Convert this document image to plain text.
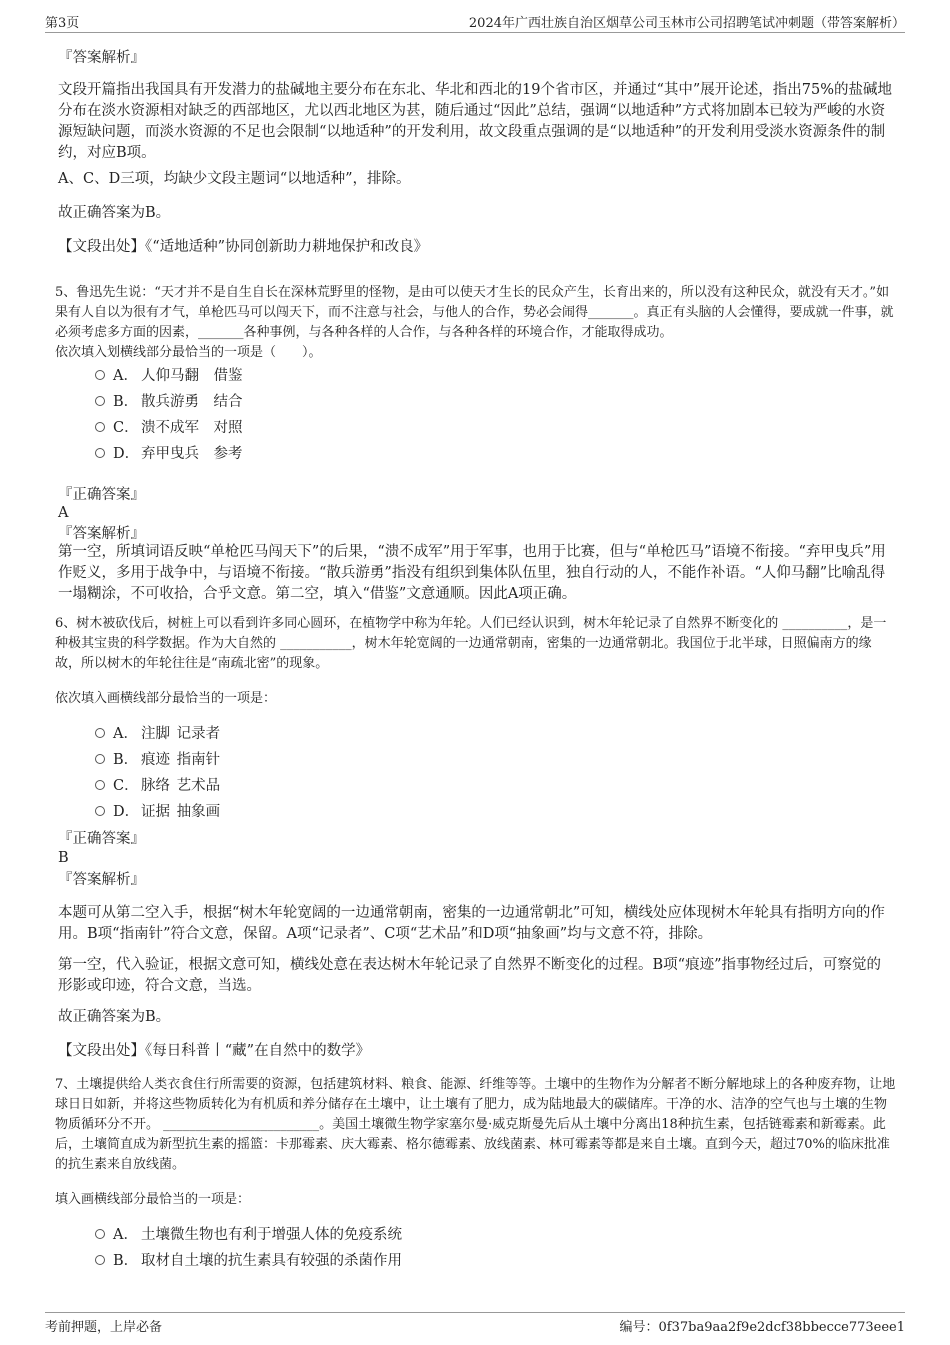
第3页	2024年广西壮族自治区烟草公司玉林市公司招聘笔试冲刺题（带答案解析）
『答案解析』
文段开篇指出我国具有开发潜力的盐碱地主要分布在东北、华北和西北的19个省市区，并通过“其中”展开论述，指出75%的盐碱地分布在淡水资源相对缺乏的西部地区，尤以西北地区为甚，随后通过“因此”总结，强调“以地适种”方式将加剧本已较为严峻的水资源短缺问题，而淡水资源的不足也会限制“以地适种”的开发利用，故文段重点强调的是“以地适种”的开发利用受淡水资源条件的制约，对应B项。
A、C、D三项，均缺少文段主题词“以地适种”，排除。
故正确答案为B。
【文段出处】《“适地适种”协同创新助力耕地保护和改良》
5、鲁迅先生说：“天才并不是自生自长在深林荒野里的怪物，是由可以使天才生长的民众产生，长育出来的，所以没有这种民众，就没有天才。”如果有人自以为很有才气，单枪匹马可以闯天下，而不注意与社会，与他人的合作，势必会闹得_______。真正有头脑的人会懂得，要成就一件事，就必须考虑多方面的因素，_______各种事例，与各种各样的人合作，与各种各样的环境合作，才能取得成功。
依次填入划横线部分最恰当的一项是（　　）。
A． 人仰马翻　借鉴
B． 散兵游勇　结合
C． 溃不成军　对照
D． 弃甲曳兵　参考
『正确答案』
A
『答案解析』
第一空，所填词语反映“单枪匹马闯天下”的后果，“溃不成军”用于军事，也用于比赛，但与“单枪匹马”语境不衔接。“弃甲曳兵”用作贬义，多用于战争中，与语境不衔接。“散兵游勇”指没有组织到集体队伍里，独自行动的人，不能作补语。“人仰马翻”比喻乱得一塌糊涂，不可收拾，合乎文意。第二空，填入“借鉴”文意通顺。因此A项正确。
6、树木被砍伐后，树桩上可以看到许多同心圆环，在植物学中称为年轮。人们已经认识到，树木年轮记录了自然界不断变化的 __________，是一种极其宝贵的科学数据。作为大自然的 ___________，树木年轮宽阔的一边通常朝南，密集的一边通常朝北。我国位于北半球，日照偏南方的缘故，所以树木的年轮往往是“南疏北密”的现象。
依次填入画横线部分最恰当的一项是：
A． 注脚 记录者
B． 痕迹 指南针
C． 脉络 艺术品
D． 证据 抽象画
『正确答案』
B
『答案解析』
本题可从第二空入手，根据“树木年轮宽阔的一边通常朝南，密集的一边通常朝北”可知，横线处应体现树木年轮具有指明方向的作用。B项“指南针”符合文意，保留。A项“记录者”、C项“艺术品”和D项“抽象画”均与文意不符，排除。
第一空，代入验证，根据文意可知，横线处意在表达树木年轮记录了自然界不断变化的过程。B项“痕迹”指事物经过后，可察觉的形影或印迹，符合文意，当选。
故正确答案为B。
【文段出处】《每日科普丨“藏”在自然中的数学》
7、土壤提供给人类衣食住行所需要的资源，包括建筑材料、粮食、能源、纤维等等。土壤中的生物作为分解者不断分解地球上的各种废弃物，让地球日日如新，并将这些物质转化为有机质和养分储存在土壤中，让土壤有了肥力，成为陆地最大的碳储库。干净的水、洁净的空气也与土壤的生物物质循环分不开。 ________________________。美国土壤微生物学家塞尔曼·威克斯曼先后从土壤中分离出18种抗生素，包括链霉素和新霉素。此后，土壤简直成为新型抗生素的摇篮：卡那霉素、庆大霉素、格尔德霉素、放线菌素、林可霉素等都是来自土壤。直到今天，超过70%的临床批准的抗生素来自放线菌。
填入画横线部分最恰当的一项是：
A． 土壤微生物也有利于增强人体的免疫系统
B． 取材自土壤的抗生素具有较强的杀菌作用
考前押题，上岸必备	编号：0f37ba9aa2f9e2dcf38bbecce773eee1
